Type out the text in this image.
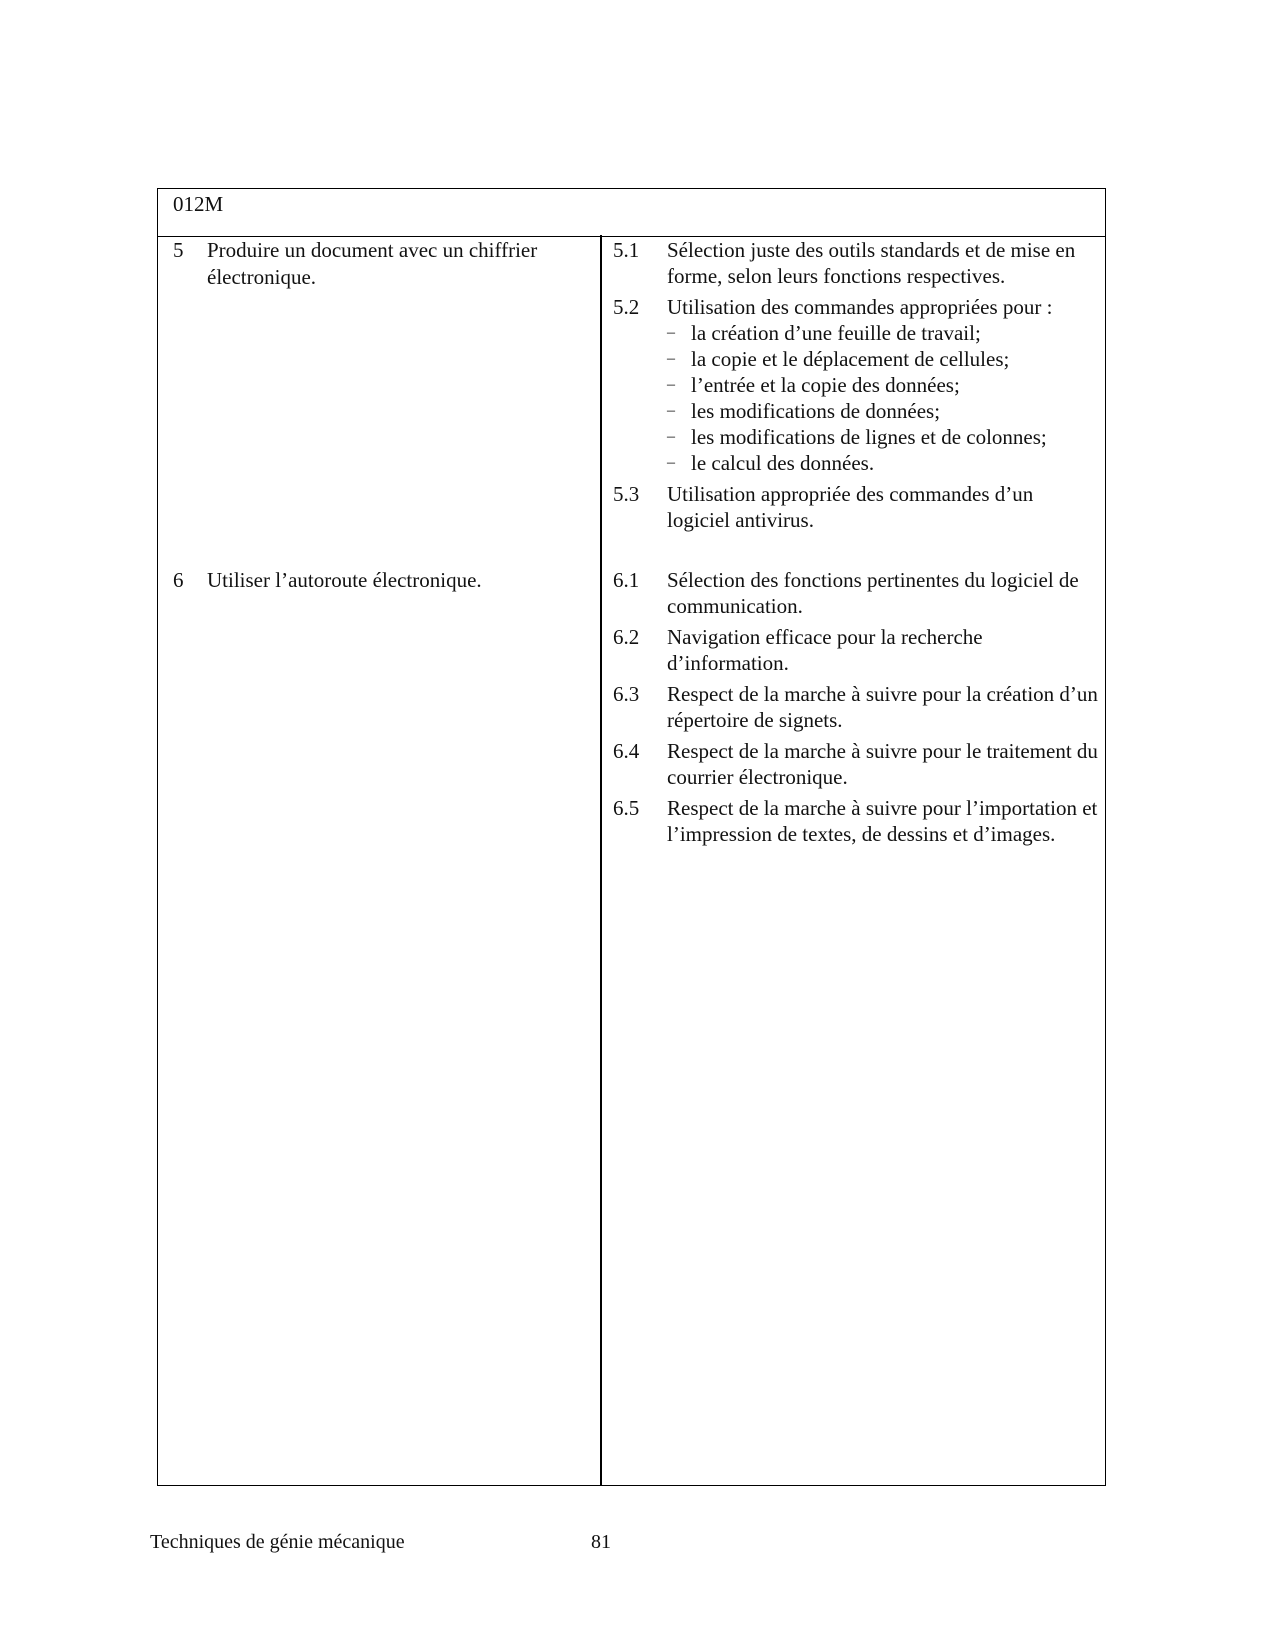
012M
5 Produire un document avec un chiffrier électronique.
5.1 Sélection juste des outils standards et de mise en forme, selon leurs fonctions respectives.
5.2 Utilisation des commandes appropriées pour :
– la création d’une feuille de travail;
– la copie et le déplacement de cellules;
– l’entrée et la copie des données;
– les modifications de données;
– les modifications de lignes et de colonnes;
– le calcul des données.
5.3 Utilisation appropriée des commandes d’un logiciel antivirus.
6 Utiliser l’autoroute électronique.	6.1 Sélection des fonctions pertinentes du logiciel de communication.
6.2 Navigation efficace pour la recherche d’information.
6.3 Respect de la marche à suivre pour la création d’un répertoire de signets.
6.4 Respect de la marche à suivre pour le traitement du courrier électronique.
6.5 Respect de la marche à suivre pour l’importation et l’impression de textes, de dessins et d’images.
Techniques de génie mécanique	81
